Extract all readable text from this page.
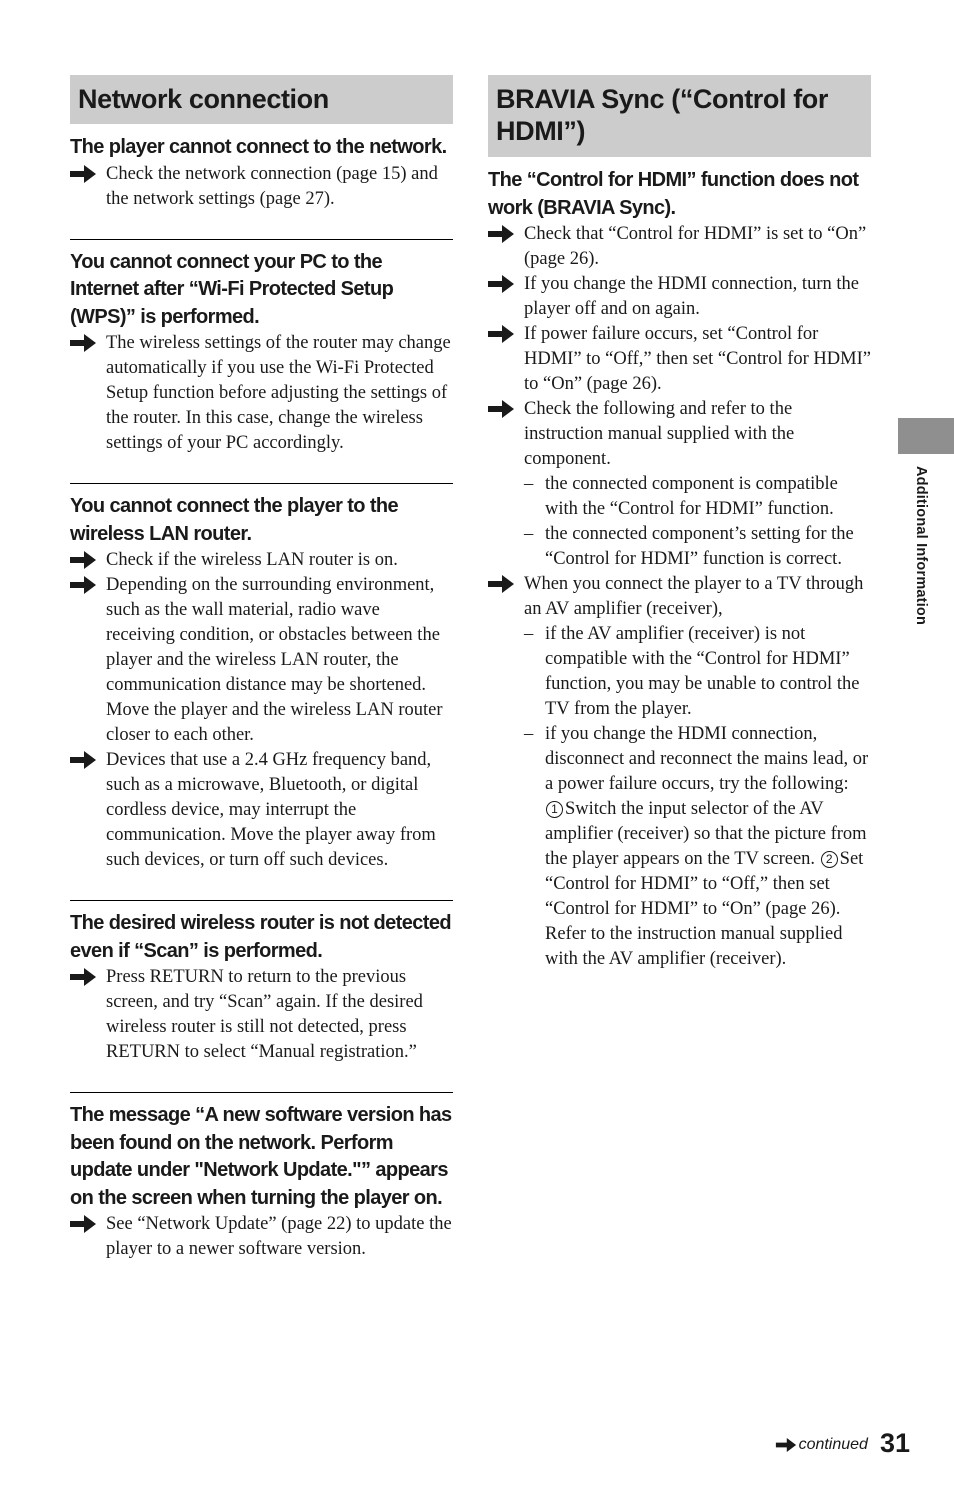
Network connection
The player cannot connect to the network.
Check the network connection (page 15) and the network settings (page 27).
You cannot connect your PC to the Internet after “Wi-Fi Protected Setup (WPS)” is performed.
The wireless settings of the router may change automatically if you use the Wi-Fi Protected Setup function before adjusting the settings of the router. In this case, change the wireless settings of your PC accordingly.
You cannot connect the player to the wireless LAN router.
Check if the wireless LAN router is on.
Depending on the surrounding environment, such as the wall material, radio wave receiving condition, or obstacles between the player and the wireless LAN router, the communication distance may be shortened. Move the player and the wireless LAN router closer to each other.
Devices that use a 2.4 GHz frequency band, such as a microwave, Bluetooth, or digital cordless device, may interrupt the communication. Move the player away from such devices, or turn off such devices.
The desired wireless router is not detected even if “Scan” is performed.
Press RETURN to return to the previous screen, and try “Scan” again. If the desired wireless router is still not detected, press RETURN to select “Manual registration.”
The message “A new software version has been found on the network. Perform update under "Network Update."” appears on the screen when turning the player on.
See “Network Update” (page 22) to update the player to a newer software version.
BRAVIA Sync (“Control for HDMI”)
The “Control for HDMI” function does not work (BRAVIA Sync).
Check that “Control for HDMI” is set to “On” (page 26).
If you change the HDMI connection, turn the player off and on again.
If power failure occurs, set “Control for HDMI” to “Off,” then set “Control for HDMI” to “On” (page 26).
Check the following and refer to the instruction manual supplied with the component.
– the connected component is compatible with the “Control for HDMI” function.
– the connected component’s setting for the “Control for HDMI” function is correct.
When you connect the player to a TV through an AV amplifier (receiver),
– if the AV amplifier (receiver) is not compatible with the “Control for HDMI” function, you may be unable to control the TV from the player.
– if you change the HDMI connection, disconnect and reconnect the mains lead, or a power failure occurs, try the following: 1 Switch the input selector of the AV amplifier (receiver) so that the picture from the player appears on the TV screen. 2 Set “Control for HDMI” to “Off,” then set “Control for HDMI” to “On” (page 26). Refer to the instruction manual supplied with the AV amplifier (receiver).
Additional Information
continued 31
